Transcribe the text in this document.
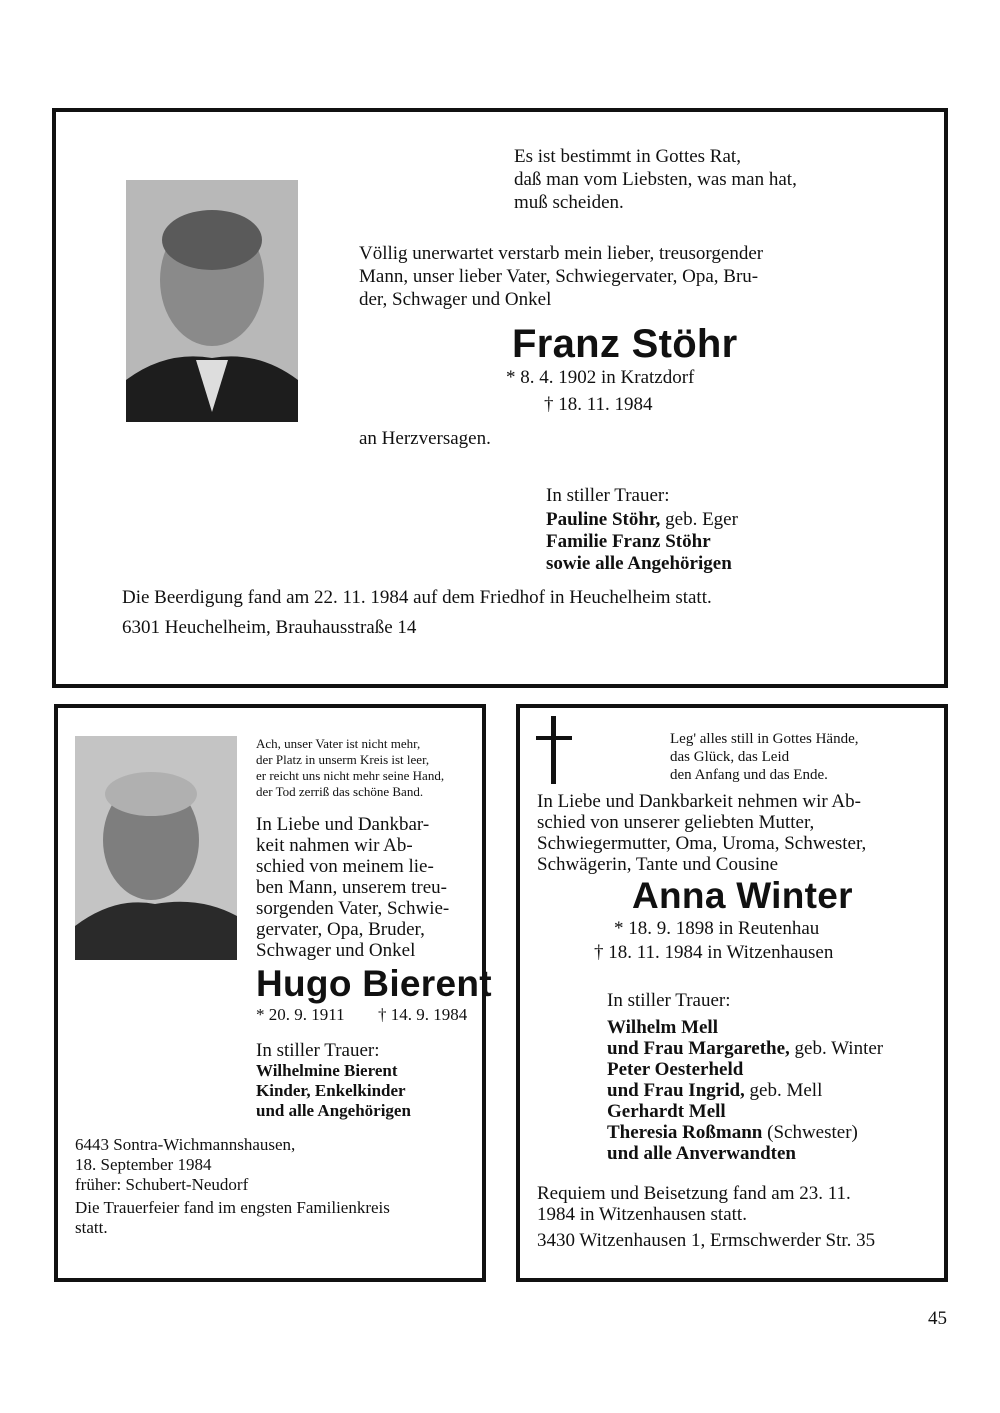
Es ist bestimmt in Gottes Rat,
daß man vom Liebsten, was man hat,
muß scheiden.
Völlig unerwartet verstarb mein lieber, treusorgender
Mann, unser lieber Vater, Schwiegervater, Opa, Bru-
der, Schwager und Onkel
Franz Stöhr
* 8. 4. 1902 in Kratzdorf
† 18. 11. 1984
an Herzversagen.
In stiller Trauer:
Pauline Stöhr, geb. Eger
Familie Franz Stöhr
sowie alle Angehörigen
Die Beerdigung fand am 22. 11. 1984 auf dem Friedhof in Heuchelheim statt.
6301 Heuchelheim, Brauhausstraße 14
Ach, unser Vater ist nicht mehr,
der Platz in unserm Kreis ist leer,
er reicht uns nicht mehr seine Hand,
der Tod zerriß das schöne Band.
In Liebe und Dankbar-
keit nahmen wir Ab-
schied von meinem lie-
ben Mann, unserem treu-
sorgenden Vater, Schwie-
gervater, Opa, Bruder,
Schwager und Onkel
Hugo Bierent
* 20. 9. 1911 † 14. 9. 1984
In stiller Trauer:
Wilhelmine Bierent
Kinder, Enkelkinder
und alle Angehörigen
6443 Sontra-Wichmannshausen,
18. September 1984
früher: Schubert-Neudorf
Die Trauerfeier fand im engsten Familienkreis
statt.
Leg' alles still in Gottes Hände,
das Glück, das Leid
den Anfang und das Ende.
In Liebe und Dankbarkeit nehmen wir Ab-
schied von unserer geliebten Mutter,
Schwiegermutter, Oma, Uroma, Schwester,
Schwägerin, Tante und Cousine
Anna Winter
* 18. 9. 1898 in Reutenhau
† 18. 11. 1984 in Witzenhausen
In stiller Trauer:
Wilhelm Mell
und Frau Margarethe, geb. Winter
Peter Oesterheld
und Frau Ingrid, geb. Mell
Gerhardt Mell
Theresia Roßmann (Schwester)
und alle Anverwandten
Requiem und Beisetzung fand am 23. 11.
1984 in Witzenhausen statt.
3430 Witzenhausen 1, Ermschwerder Str. 35
45
